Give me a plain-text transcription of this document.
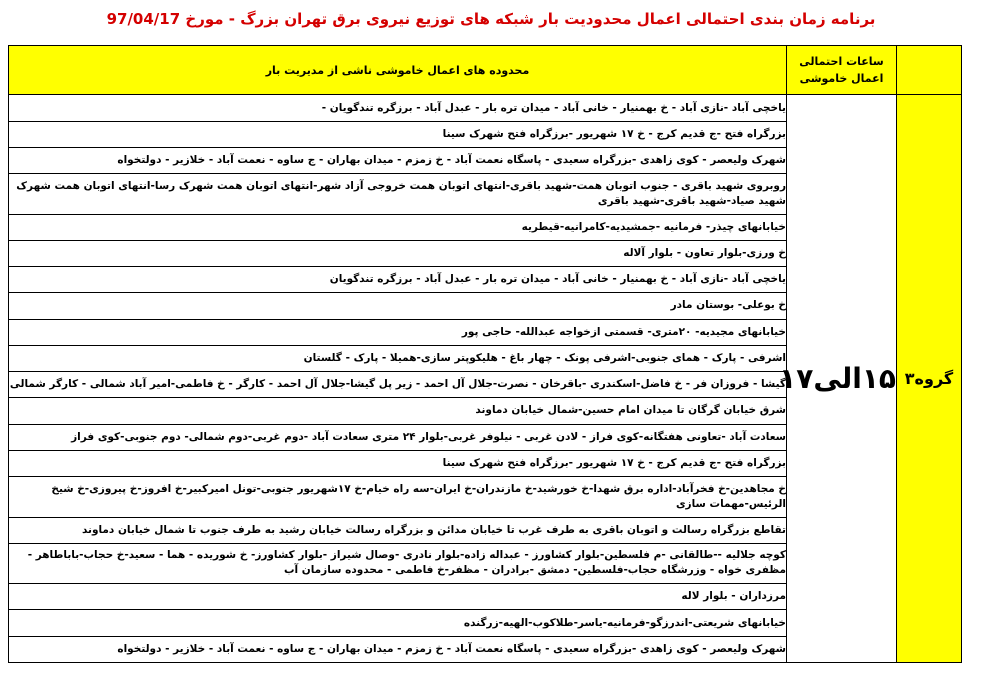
برنامه زمان بندی احتمالی اعمال محدودیت بار شبکه های توزیع نیروی برق تهران بزرگ - مورخ 97/04/17
	ساعات احتمالی اعمال خاموشی	محدوده های اعمال خاموشی ناشی از مدیریت بار
گروه۳	۱۵الی۱۷	یاخچی آباد -نازی آباد - خ بهمنیار - خانی آباد - میدان تره بار - عبدل آباد - برزگره تندگویان -
		بزرگراه فتح -ج قدیم کرج - خ ۱۷ شهریور -برزگراه فتح شهرک سینا
		شهرک ولیعصر - کوی زاهدی -بزرگراه سعیدی - پاسگاه نعمت آباد - خ زمزم - میدان بهاران - ج ساوه - نعمت آباد - خلازیر - دولتخواه
		روبروی شهید باقری - جنوب اتوبان همت-شهید باقری-انتهای اتوبان همت خروجی آزاد شهر-انتهای اتوبان همت شهرک رسا-انتهای اتوبان همت شهرک شهید صیاد-شهید باقری-شهید باقری
		خیابانهای چیذر- فرمانیه -جمشیدیه-کامرانیه-قیطریه
		خ ورزی-بلوار تعاون - بلوار آلاله
		یاخچی آباد -نازی آباد - خ بهمنیار - خانی آباد - میدان تره بار - عبدل آباد - برزگره تندگویان
		خ بوعلی- بوستان مادر
		خیابانهای مجیدیه- ۲۰متری- قسمتی ازخواجه عبدالله- حاجی پور
		اشرفی - پارک - همای جنوبی-اشرفی پونک - چهار باغ - هلیکوپتر سازی-همیلا - پارک - گلستان
		گیشا - فروزان فر - خ فاضل-اسکندری -باقرخان - نصرت-جلال آل احمد - زیر پل گیشا-جلال آل احمد - کارگر - خ فاطمی-امیر آباد شمالی - کارگر شمالی
		شرق خیابان گرگان تا میدان امام حسین-شمال خیابان دماوند
		سعادت آباد -تعاونی هفتگانه-کوی فراز - لادن غربی - نیلوفر غربی-بلوار ۲۴ متری سعادت آباد -دوم غربی-دوم شمالی- دوم جنوبی-کوی فراز
		بزرگراه فتح -ج قدیم کرج - خ ۱۷ شهریور -برزگراه فتح شهرک سینا
		خ مجاهدین-خ فخرآباد-اداره برق شهدا-خ خورشید-خ مازندران-خ ایران-سه راه خیام-خ ۱۷شهریور جنوبی-تونل امیرکبیر-خ افروز-خ پیروزی-خ شیخ الرئیس-مهمات سازی
		تقاطع بزرگراه رسالت و اتوبان باقری به طرف غرب تا خیابان مدائن و بزرگراه رسالت خیابان رشید به طرف جنوب تا شمال خیابان دماوند
		کوچه جلالیه --طالقانی -م فلسطین-بلوار کشاورز - عبداله زاده-بلوار نادری -وصال شیراز -بلوار کشاورز- خ شوریده - هما - سعید-خ حجاب-باباطاهر - مظفری خواه - وزرشگاه حجاب-فلسطین- دمشق -برادران - مظفر-خ فاطمی - محدوده سازمان آب
		مرزداران - بلوار لاله
		خیابانهای شریعتی-اندرزگو-فرمانیه-یاسر-طلاکوب-الهیه-زرگنده
		شهرک ولیعصر - کوی زاهدی -بزرگراه سعیدی - پاسگاه نعمت آباد - خ زمزم - میدان بهاران - ج ساوه - نعمت آباد - خلازیر - دولتخواه
